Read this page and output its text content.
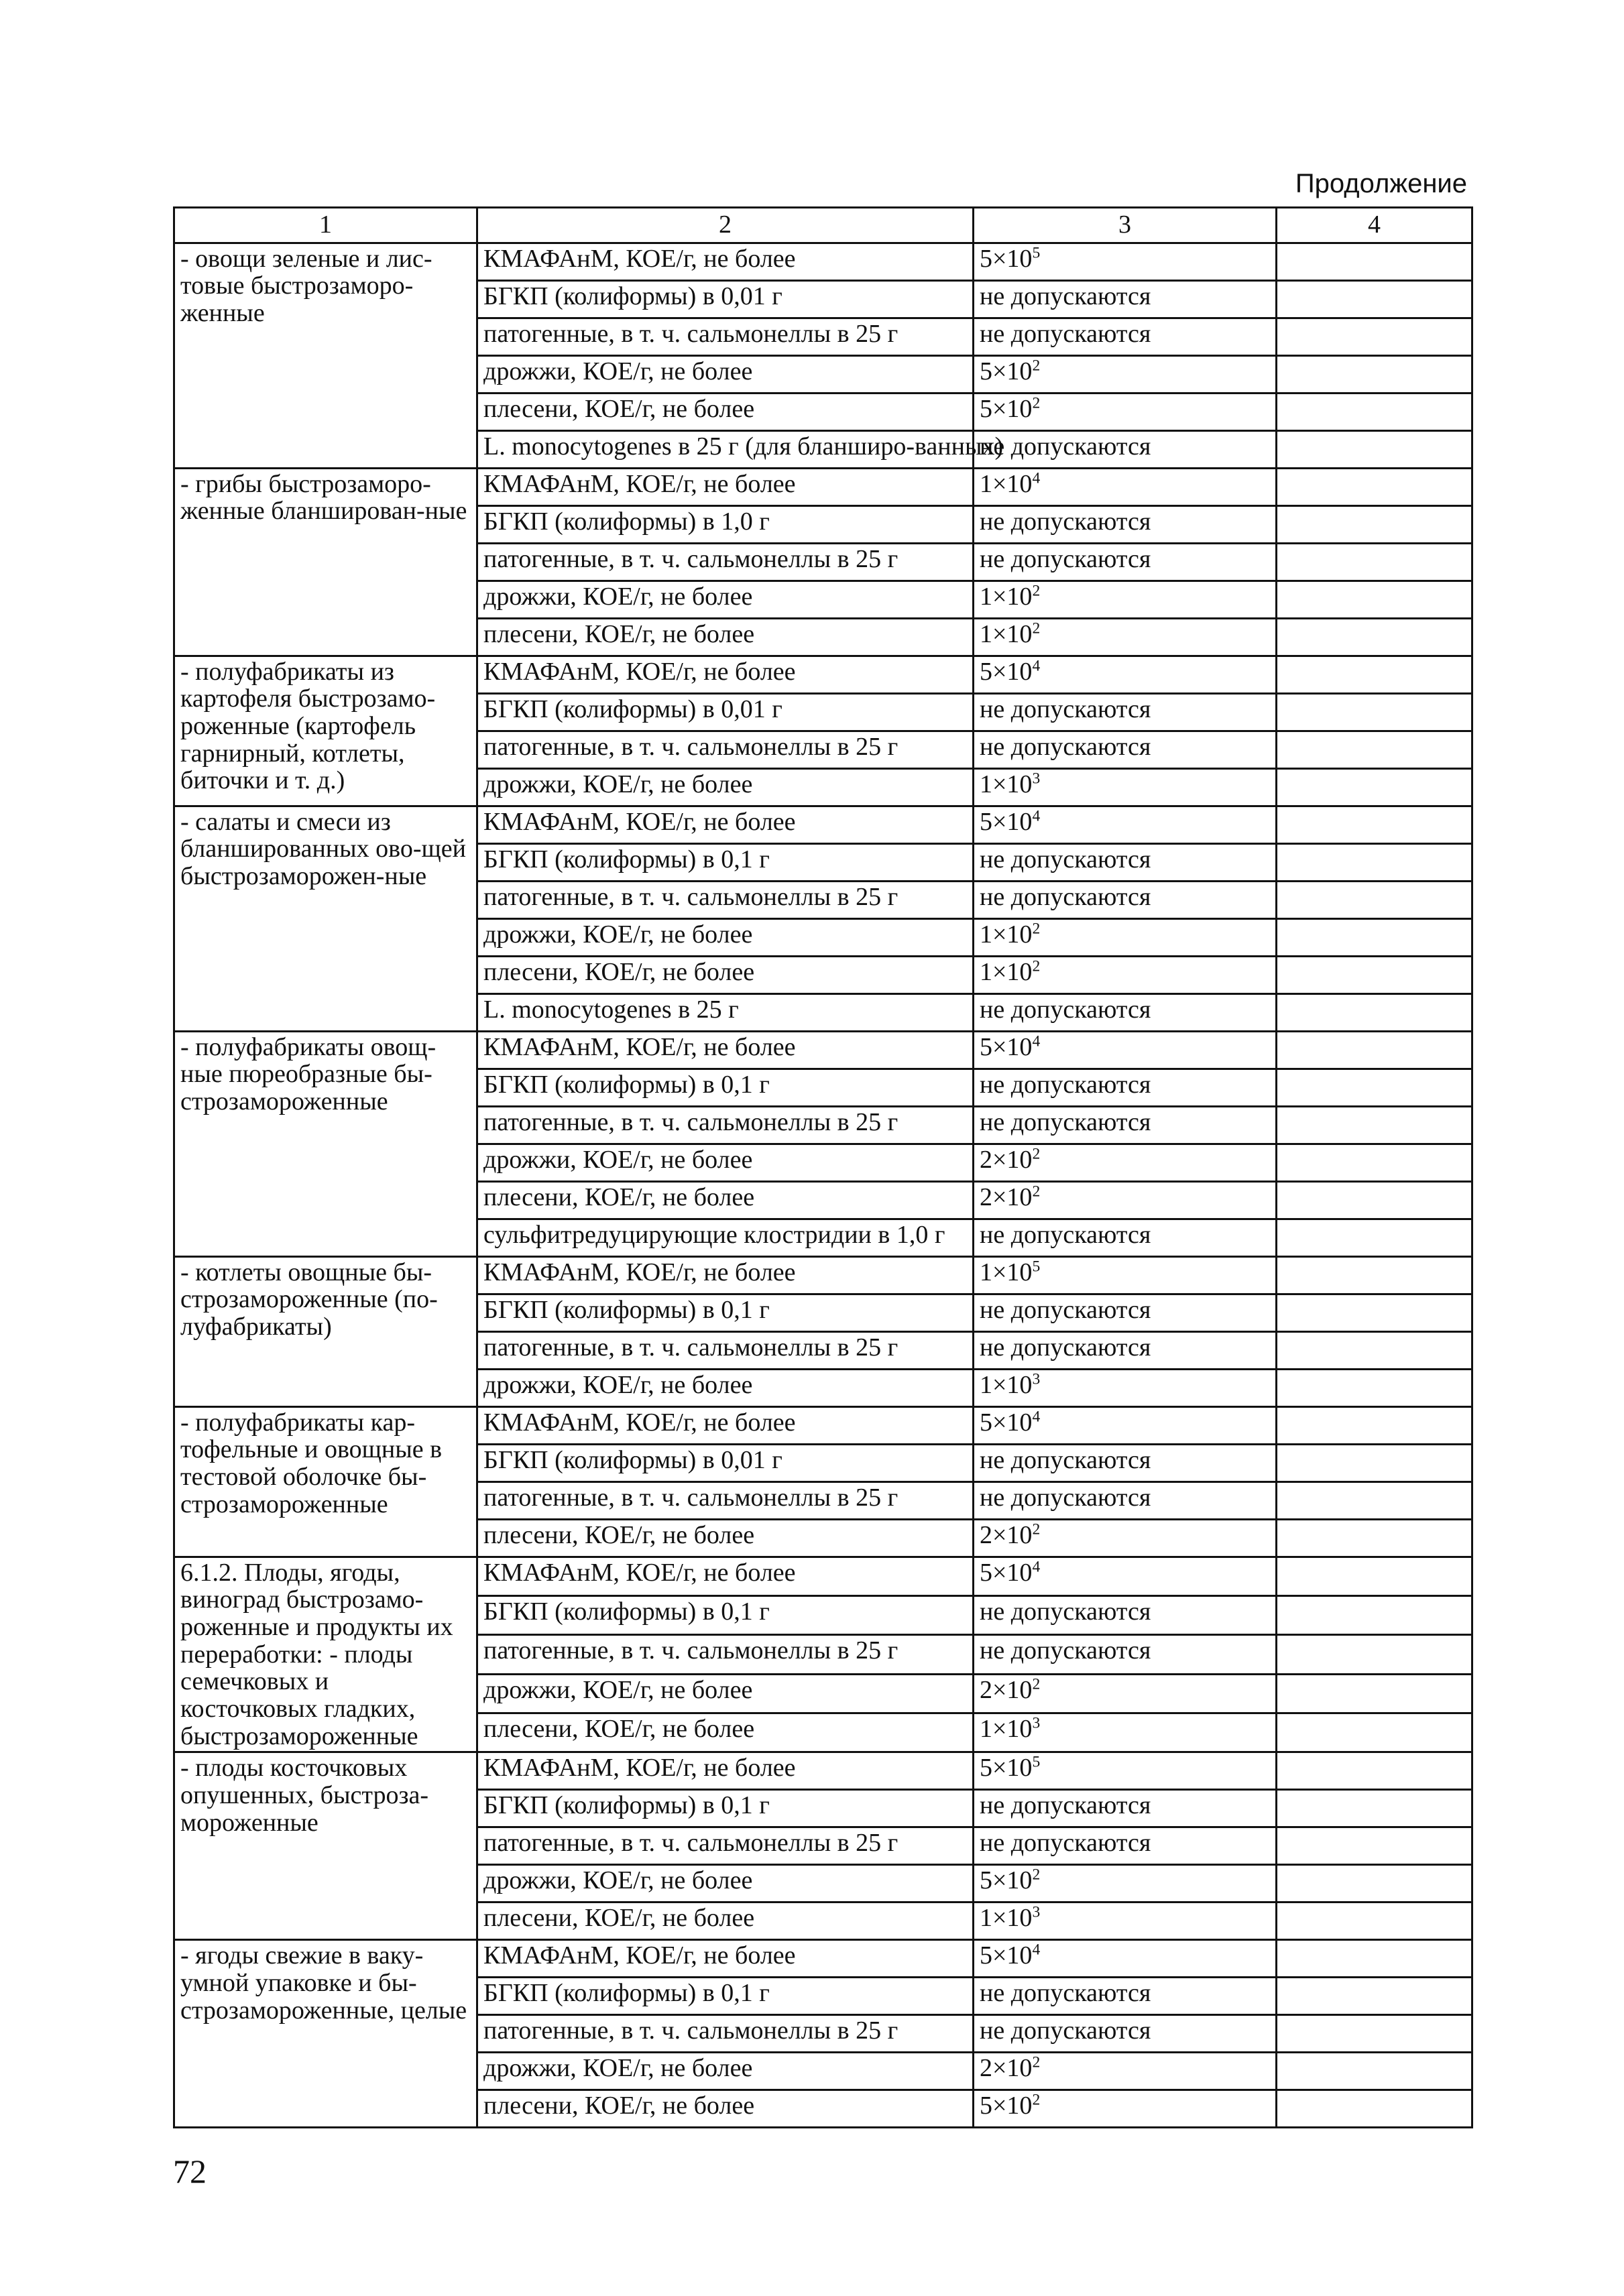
Продолжение
1	2	3	4
- овощи зеленые и лис-товые быстрозаморо-женные	КМАФАнМ, КОЕ/г, не более	$5\times 10^5$	
	БГКП (колиформы) в 0,01 г	не допускаются	
	патогенные, в т. ч. сальмонеллы в 25 г	не допускаются	
	дрожжи, КОЕ/г, не более	$5\times 10^2$	
	плесени, КОЕ/г, не более	$5\times 10^2$	
	L. monocytogenes в 25 г (для бланширо-ванных)	не допускаются	
- грибы быстрозаморо-женные бланширован-ные	КМАФАнМ, КОЕ/г, не более	$1\times 10^4$	
	БГКП (колиформы) в 1,0 г	не допускаются	
	патогенные, в т. ч. сальмонеллы в 25 г	не допускаются	
	дрожжи, КОЕ/г, не более	$1\times 10^2$	
	плесени, КОЕ/г, не более	$1\times 10^2$	
- полуфабрикаты из картофеля быстрозамо-роженные (картофель гарнирный, котлеты, биточки и т. д.)	КМАФАнМ, КОЕ/г, не более	$5\times 10^4$	
	БГКП (колиформы) в 0,01 г	не допускаются	
	патогенные, в т. ч. сальмонеллы в 25 г	не допускаются	
	дрожжи, КОЕ/г, не более	$1\times 10^3$	
- салаты и смеси из бланшированных ово-щей быстрозаморожен-ные	КМАФАнМ, КОЕ/г, не более	$5\times 10^4$	
	БГКП (колиформы) в 0,1 г	не допускаются	
	патогенные, в т. ч. сальмонеллы в 25 г	не допускаются	
	дрожжи, КОЕ/г, не более	$1\times 10^2$	
	плесени, КОЕ/г, не более	$1\times 10^2$	
	L. monocytogenes в 25 г	не допускаются	
- полуфабрикаты овощ-ные пюреобразные бы-строзамороженные	КМАФАнМ, КОЕ/г, не более	$5\times 10^4$	
	БГКП (колиформы) в 0,1 г	не допускаются	
	патогенные, в т. ч. сальмонеллы в 25 г	не допускаются	
	дрожжи, КОЕ/г, не более	$2\times 10^2$	
	плесени, КОЕ/г, не более	$2\times 10^2$	
	сульфитредуцирующие клостридии в 1,0 г	не допускаются	
- котлеты овощные бы-строзамороженные (по-луфабрикаты)	КМАФАнМ, КОЕ/г, не более	$1\times 10^5$	
	БГКП (колиформы) в 0,1 г	не допускаются	
	патогенные, в т. ч. сальмонеллы в 25 г	не допускаются	
	дрожжи, КОЕ/г, не более	$1\times 10^3$	
- полуфабрикаты кар-тофельные и овощные в тестовой оболочке бы-строзамороженные	КМАФАнМ, КОЕ/г, не более	$5\times 10^4$	
	БГКП (колиформы) в 0,01 г	не допускаются	
	патогенные, в т. ч. сальмонеллы в 25 г	не допускаются	
	плесени, КОЕ/г, не более	$2\times 10^2$	
6.1.2. Плоды, ягоды, виноград быстрозамо-роженные и продукты их переработки: - плоды семечковых и косточковых гладких, быстрозамороженные	КМАФАнМ, КОЕ/г, не более	$5\times 10^4$	
	БГКП (колиформы) в 0,1 г	не допускаются	
	патогенные, в т. ч. сальмонеллы в 25 г	не допускаются	
	дрожжи, КОЕ/г, не более	$2\times 10^2$	
	плесени, КОЕ/г, не более	$1\times 10^3$	
- плоды косточковых опушенных, быстроза-мороженные	КМАФАнМ, КОЕ/г, не более	$5\times 10^5$	
	БГКП (колиформы) в 0,1 г	не допускаются	
	патогенные, в т. ч. сальмонеллы в 25 г	не допускаются	
	дрожжи, КОЕ/г, не более	$5\times 10^2$	
	плесени, КОЕ/г, не более	$1\times 10^3$	
- ягоды свежие в ваку-умной упаковке и бы-строзамороженные, целые	КМАФАнМ, КОЕ/г, не более	$5\times 10^4$	
	БГКП (колиформы) в 0,1 г	не допускаются	
	патогенные, в т. ч. сальмонеллы в 25 г	не допускаются	
	дрожжи, КОЕ/г, не более	$2\times 10^2$	
	плесени, КОЕ/г, не более	$5\times 10^2$	
72
